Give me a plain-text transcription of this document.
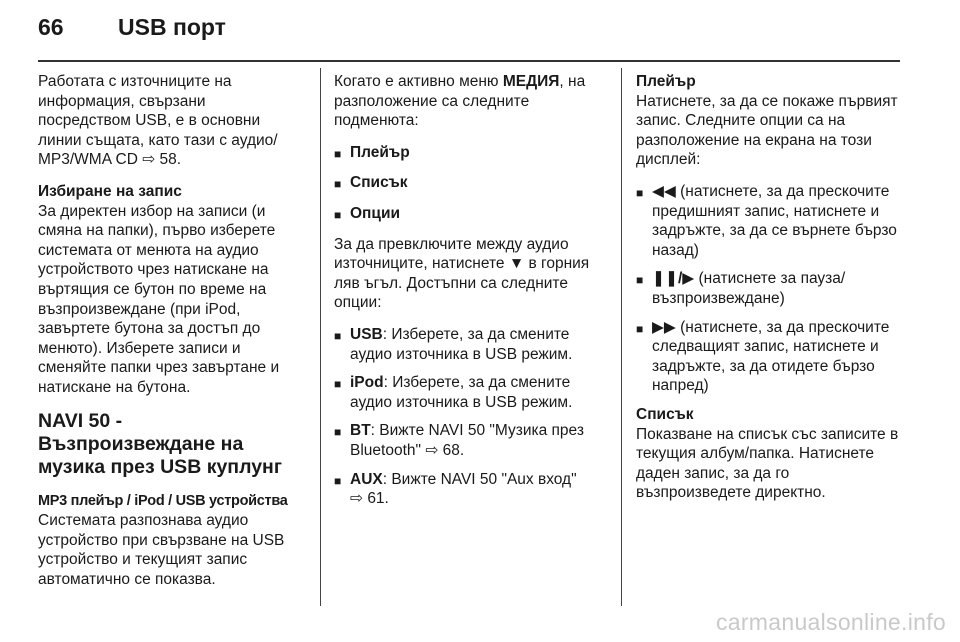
66	USB порт

Работата с източниците на информация, свързани посредством USB, е в основни линии същата, като тази с аудио/ MP3/WMA CD ⇨ 58.

Избиране на запис

За директен избор на записи (и смяна на папки), първо изберете системата от менюта на аудио устройството чрез натискане на въртящия се бутон по време на възпроизвеждане (при iPod, завъртете бутона за достъп до менюто). Изберете записи и сменяйте папки чрез завъртане и натискане на бутона.

NAVI 50 - Възпроизвеждане на музика през USB куплунг
MP3 плейър / iPod / USB устройства

Системата разпознава аудио устройство при свързване на USB устройство и текущият запис автоматично се показва.

Когато е активно меню МЕДИЯ, на разположение са следните подменюта:

■ Плейър
■ Списък
■ Опции

За да превключите между аудио източниците, натиснете ▼ в горния ляв ъгъл. Достъпни са следните опции:

■ USB: Изберете, за да смените аудио източника в USB режим.
■ iPod: Изберете, за да смените аудио източника в USB режим.
■ BT: Вижте NAVI 50 "Музика през Bluetooth" ⇨ 68.
■ AUX: Вижте NAVI 50 "Aux вход"
⇨ 61.
Плейър

Натиснете, за да се покаже първият запис. Следните опции са на разположение на екрана на този дисплей:

■ ◀◀ (натиснете, за да прескочите предишният запис, натиснете и задръжте, за да се върнете бързо назад)
■ ❚❚/▶ (натиснете за пауза/ възпроизвеждане)
■ ▶▶ (натиснете, за да прескочите следващият запис, натиснете и задръжте, за да отидете бързо напред)
Списък

Показване на списък със записите в текущия албум/папка. Натиснете даден запис, за да го възпроизведете директно.

carmanualsonline.info
